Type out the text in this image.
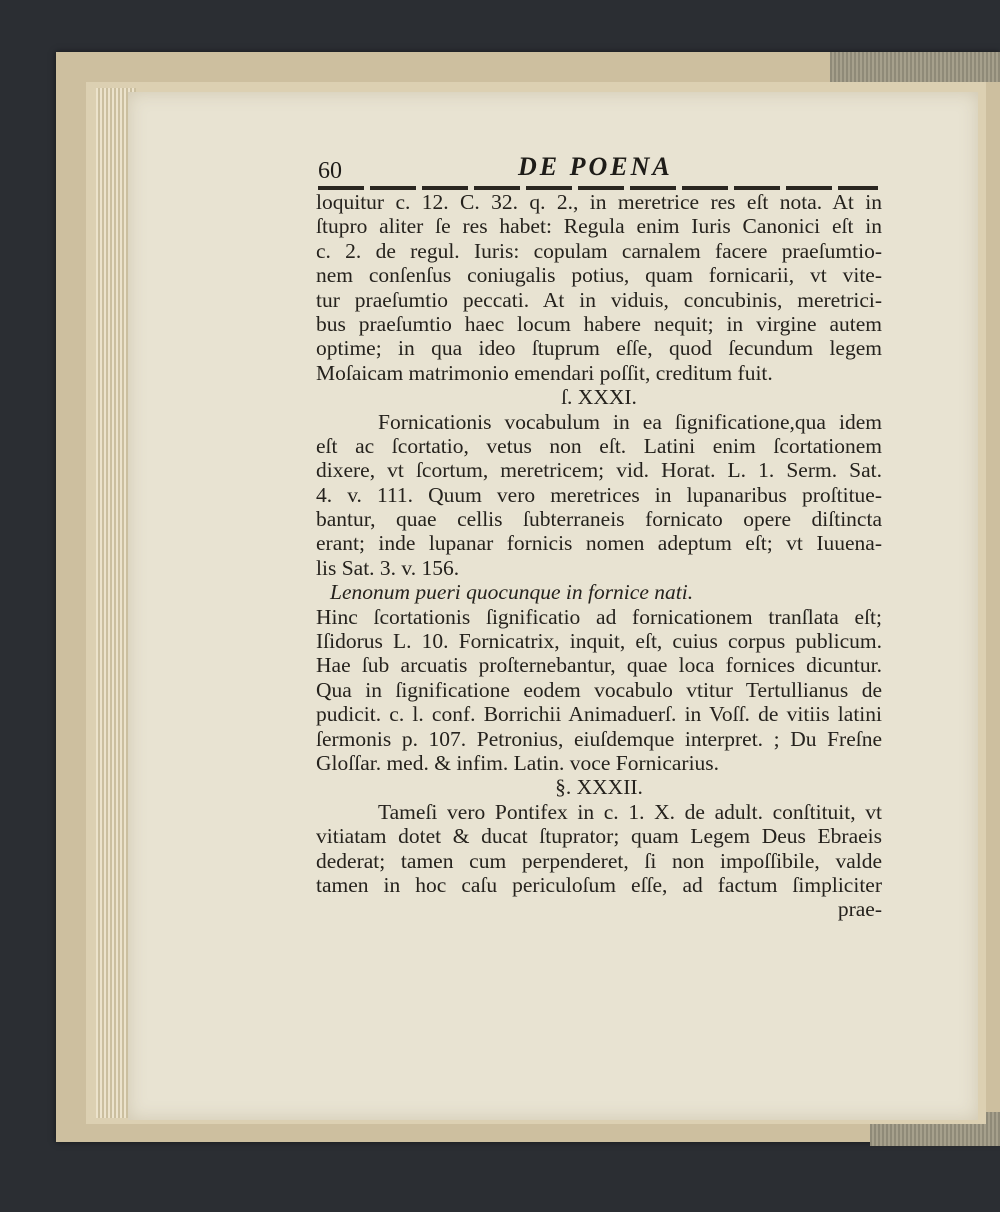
60	DE POENA
loquitur c. 12. C. 32. q. 2., in meretrice res eſt nota. At in
ſtupro aliter ſe res habet: Regula enim Iuris Canonici eſt in
c. 2. de regul. Iuris: copulam carnalem facere praeſumtio-
nem conſenſus coniugalis potius, quam fornicarii, vt vite-
tur praeſumtio peccati. At in viduis, concubinis, meretrici-
bus praeſumtio haec locum habere nequit; in virgine autem
optime; in qua ideo ſtuprum eſſe, quod ſecundum legem
Moſaicam matrimonio emendari poſſit, creditum fuit.
ſ. XXXI.
Fornicationis vocabulum in ea ſignificatione,qua idem
eſt ac ſcortatio, vetus non eſt. Latini enim ſcortationem
dixere, vt ſcortum, meretricem; vid. Horat. L. 1. Serm. Sat.
4. v. 111. Quum vero meretrices in lupanaribus proſtitue-
bantur, quae cellis ſubterraneis fornicato opere diſtincta
erant; inde lupanar fornicis nomen adeptum eſt; vt Iuuena-
lis Sat. 3. v. 156.
Lenonum pueri quocunque in fornice nati.
Hinc ſcortationis ſignificatio ad fornicationem tranſlata eſt;
Iſidorus L. 10. Fornicatrix, inquit, eſt, cuius corpus publicum.
Hae ſub arcuatis proſternebantur, quae loca fornices dicuntur.
Qua in ſignificatione eodem vocabulo vtitur Tertullianus de
pudicit. c. l. conf. Borrichii Animaduerſ. in Voſſ. de vitiis latini
ſermonis p. 107. Petronius, eiuſdemque interpret. ; Du Freſne
Gloſſar. med. & infim. Latin. voce Fornicarius.
§. XXXII.
Tameſi vero Pontifex in c. 1. X. de adult. conſtituit, vt
vitiatam dotet & ducat ſtuprator; quam Legem Deus Ebraeis
dederat; tamen cum perpenderet, ſi non impoſſibile, valde
tamen in hoc caſu periculoſum eſſe, ad factum ſimpliciter
prae-
